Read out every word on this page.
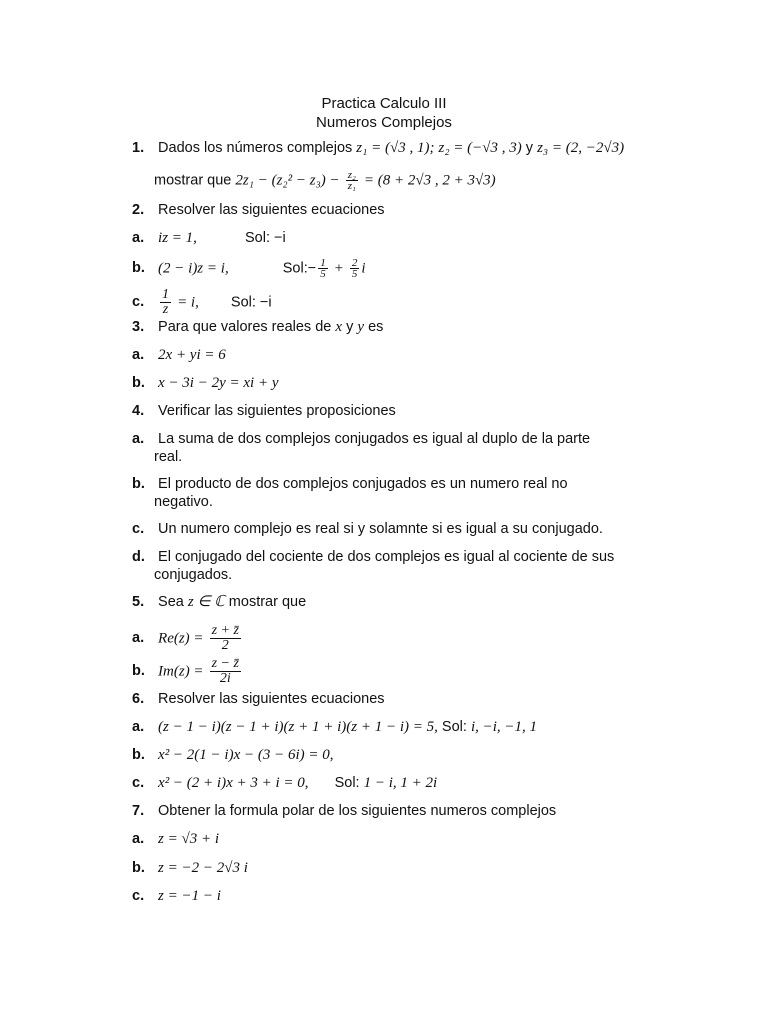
Practica Calculo III
Numeros Complejos
1. Dados los números complejos z₁ = (√3 , 1); z₂ = (−√3 , 3) y z₃ = (2, −2√3)
mostrar que $2z_1 - (z_2^2 - z_3) - \frac{\text{z₂}}{\text{z₁}} = (8 + 2√3$ , 2 + 3√3)
2. Resolver las siguientes ecuaciones
a. iz = 1,	Sol: −i
b. (2 − i)z = i,	Sol:− $\frac{1}{5} + \frac{2}{5}$ i
c. $\frac{1}{z} = i$, Sol: −i
3. Para que valores reales de x y y es
a. 2x + yi = 6
b. x − 3i − 2y = xi + y
4. Verificar las siguientes proposiciones
a. La suma de dos complejos conjugados es igual al duplo de la parte
real.
b. El producto de dos complejos conjugados es un numero real no
negativo.
c. Un numero complejo es real si y solamnte si es igual a su conjugado.
d. El conjugado del cociente de dos complejos es igual al cociente de sus
conjugados.
5. Sea z ∈ ℂ mostrar que
a. $Re(z) = \frac{z + z̄}{2}$
b. $Im(z) = \frac{z - z̄}{2i}$
6. Resolver las siguientes ecuaciones
a. (z − 1 − i)(z − 1 + i)(z + 1 + i)(z + 1 − i) = 5, Sol: i, −i, −1, 1
b. x² − 2(1 − i)x − (3 − 6i) = 0,
c. x² − (2 + i)x + 3 + i = 0, Sol: 1 − i, 1 + 2i
7. Obtener la formula polar de los siguientes numeros complejos
a. z = √3 + i
b. z = −2 − 2√3 i
c. z = −1 − i
